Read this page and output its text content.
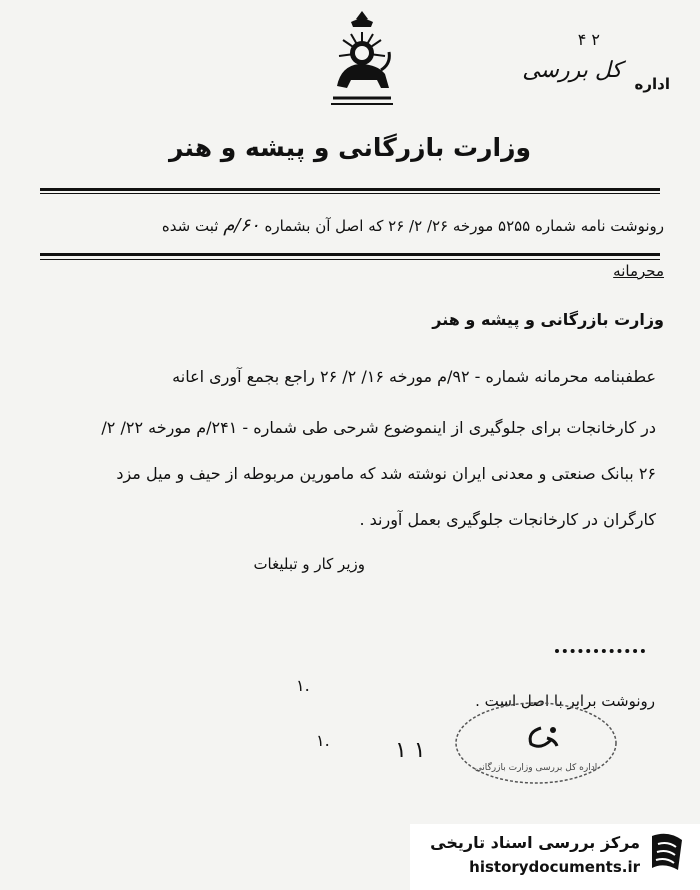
کل بررسی
اداره
۴ ۲
وزارت بازرگانی و پیشه و هنر
رونوشت نامه شماره ۵۲۵۵ مورخه ۲۶/ ۲/ ۲۶ که اصل آن بشماره ۶۰/م ثبت شده
محرمانه
وزارت بازرگانی و پیشه و هنر
عطفبنامه محرمانه شماره - ۹۲/م مورخه ۱۶/ ۲/ ۲۶ راجع بجمع آوری اعانه
در کارخانجات برای جلوگیری از اینموضوع شرحی طی شماره - ۲۴۱/م مورخه ۲۲/ ۲/
۲۶ ببانک صنعتی و معدنی ایران نوشته شد که مامورین مربوطه از حیف و میل مزد
کارگران در کارخانجات جلوگیری بعمل آورند .
وزیر کار و تبلیغات
رونوشت برابر با اصل است .
۱.
۱.	۱ ۱
اداره کل بررسی وزارت بازرگانی
مرکز بررسی اسناد تاریخی
historydocuments.ir
